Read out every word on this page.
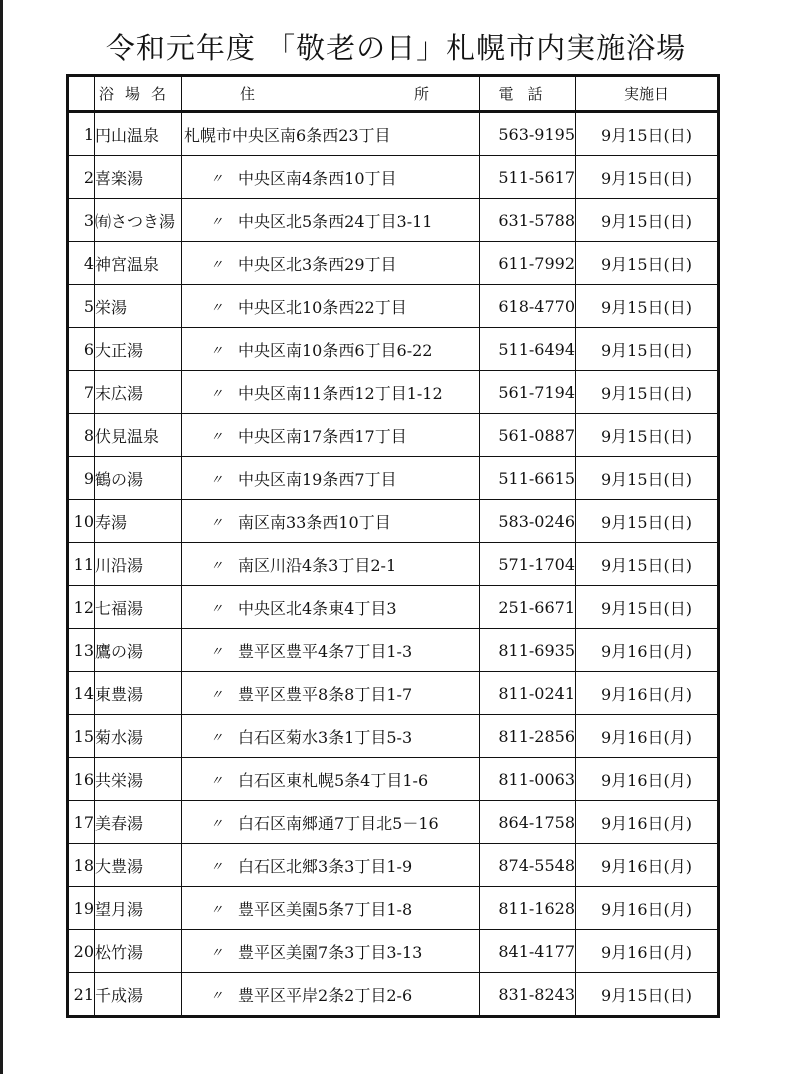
令和元年度 「敬老の日」札幌市内実施浴場
	浴場名	住 所	電話	実施日
1	円山温泉	札幌市 中央区南6条西23丁目	563-9195	9月15日(日)
2	喜楽湯	〃 中央区南4条西10丁目	511-5617	9月15日(日)
3	㈲さつき湯	〃 中央区北5条西24丁目3-11	631-5788	9月15日(日)
4	神宮温泉	〃 中央区北3条西29丁目	611-7992	9月15日(日)
5	栄湯	〃 中央区北10条西22丁目	618-4770	9月15日(日)
6	大正湯	〃 中央区南10条西6丁目6-22	511-6494	9月15日(日)
7	末広湯	〃 中央区南11条西12丁目1-12	561-7194	9月15日(日)
8	伏見温泉	〃 中央区南17条西17丁目	561-0887	9月15日(日)
9	鶴の湯	〃 中央区南19条西7丁目	511-6615	9月15日(日)
10	寿湯	〃 南区南33条西10丁目	583-0246	9月15日(日)
11	川沿湯	〃 南区川沿4条3丁目2-1	571-1704	9月15日(日)
12	七福湯	〃 中央区北4条東4丁目3	251-6671	9月15日(日)
13	鷹の湯	〃 豊平区豊平4条7丁目1-3	811-6935	9月16日(月)
14	東豊湯	〃 豊平区豊平8条8丁目1-7	811-0241	9月16日(月)
15	菊水湯	〃 白石区菊水3条1丁目5-3	811-2856	9月16日(月)
16	共栄湯	〃 白石区東札幌5条4丁目1-6	811-0063	9月16日(月)
17	美春湯	〃 白石区南郷通7丁目北5－16	864-1758	9月16日(月)
18	大豊湯	〃 白石区北郷3条3丁目1-9	874-5548	9月16日(月)
19	望月湯	〃 豊平区美園5条7丁目1-8	811-1628	9月16日(月)
20	松竹湯	〃 豊平区美園7条3丁目3-13	841-4177	9月16日(月)
21	千成湯	〃 豊平区平岸2条2丁目2-6	831-8243	9月15日(日)
